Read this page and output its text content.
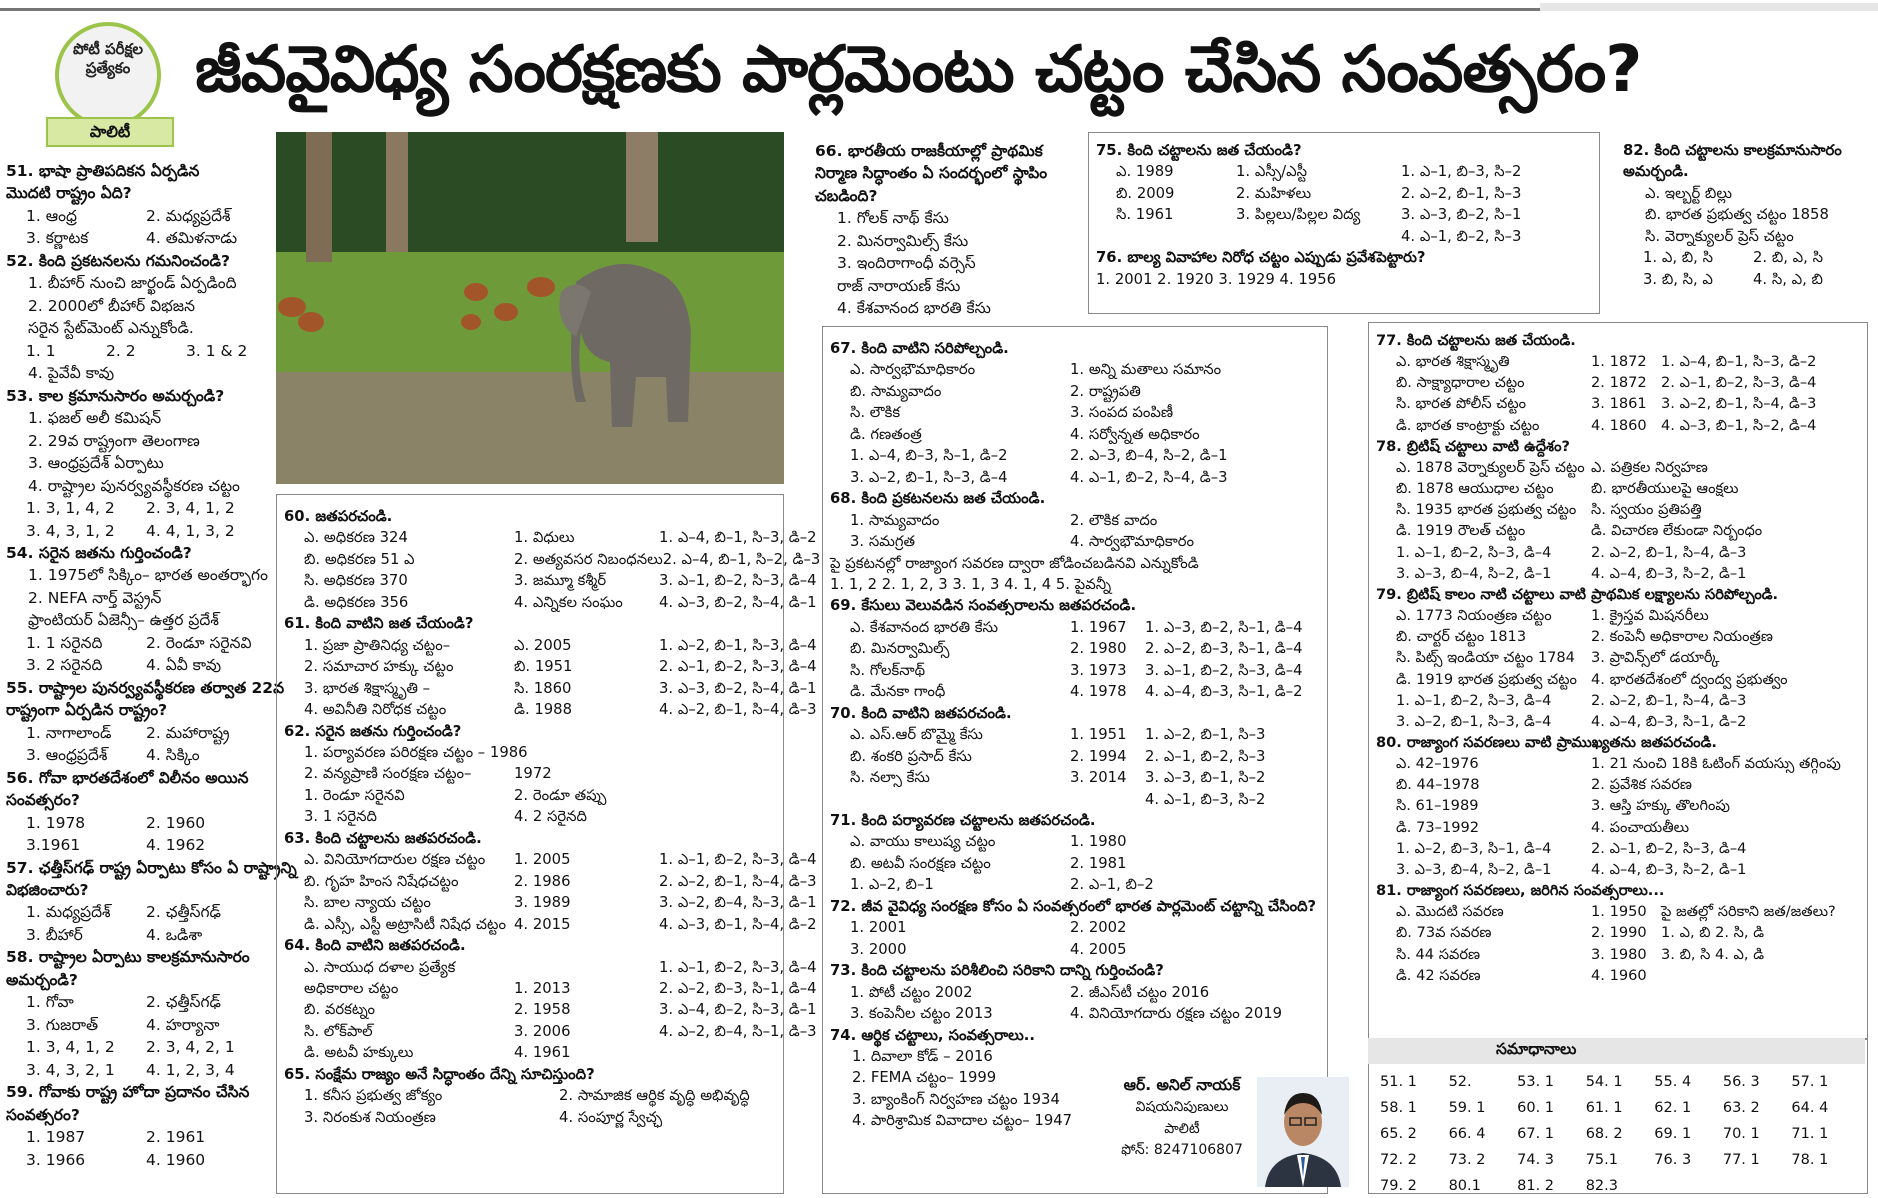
పోటీ పరీక్షల ప్రత్యేకం
పాలిటీ
జీవవైవిధ్య సంరక్షణకు పార్లమెంటు చట్టం చేసిన సంవత్సరం?
51. భాషా ప్రాతిపదికన ఏర్పడిన
మొదటి రాష్ట్రం ఏది?
1. ఆంధ్ర	2. మధ్యప్రదేశ్
3. కర్ణాటక	4. తమిళనాడు
52. కింది ప్రకటనలను గమనించండి?
1. బీహార్ నుంచి జార్ఖండ్ ఏర్పడింది
2. 2000లో బీహార్ విభజన
సరైన స్టేట్‌మెంట్ ఎన్నుకోండి.
1. 1	2. 2	3. 1 & 2
4. పైవేవీ కావు
53. కాల క్రమానుసారం అమర్చండి?
1. ఫజల్ అలీ కమిషన్
2. 29వ రాష్ట్రంగా తెలంగాణ
3. ఆంధ్రప్రదేశ్ ఏర్పాటు
4. రాష్ట్రాల పునర్వ్యవస్థీకరణ చట్టం
1. 3, 1, 4, 2	2. 3, 4, 1, 2
3. 4, 3, 1, 2	4. 4, 1, 3, 2
54. సరైన జతను గుర్తించండి?
1. 1975లో సిక్కిం– భారత అంతర్భాగం
2. NEFA నార్త్ వెస్ట్రన్
ఫ్రాంటియర్ ఏజెన్సీ– ఉత్తర ప్రదేశ్
1. 1 సరైనది	2. రెండూ సరైనవి
3. 2 సరైనది	4. ఏవీ కావు
55. రాష్ట్రాల పునర్వ్యవస్థీకరణ తర్వాత 22వ
రాష్ట్రంగా ఏర్పడిన రాష్ట్రం?
1. నాగాలాండ్	2. మహారాష్ట్ర
3. ఆంధ్రప్రదేశ్	4. సిక్కిం
56. గోవా భారతదేశంలో విలీనం అయిన
సంవత్సరం?
1. 1978	2. 1960
3.1961	4. 1962
57. ఛత్తీస్‌గఢ్ రాష్ట్ర ఏర్పాటు కోసం ఏ రాష్ట్రాన్ని
విభజించారు?
1. మధ్యప్రదేశ్	2. ఛత్తీస్‌గఢ్
3. బీహార్	4. ఒడిశా
58. రాష్ట్రాల ఏర్పాటు కాలక్రమానుసారం
అమర్చండి?
1. గోవా	2. ఛత్తీస్‌గఢ్
3. గుజరాత్	4. హర్యానా
1. 3, 4, 1, 2	2. 3, 4, 2, 1
3. 4, 3, 2, 1	4. 1, 2, 3, 4
59. గోవాకు రాష్ట్ర హోదా ప్రదానం చేసిన
సంవత్సరం?
1. 1987	2. 1961
3. 1966	4. 1960
60. జతపరచండి.
ఎ. అధికరణ 324	1. విధులు	1. ఎ–4, బి–1, సి–3, డి–2
బి. అధికరణ 51 ఎ	2. అత్యవసర నిబంధనలు 2. ఎ–4, బి–1, సి–2, డి–3
సి. అధికరణ 370	3. జమ్మూ కశ్మీర్	3. ఎ–1, బి–2, సి–3, డి–4
డి. అధికరణ 356	4. ఎన్నికల సంఘం	4. ఎ–3, బి–2, సి–4, డి–1
61. కింది వాటిని జత చేయండి?
1. ప్రజా ప్రాతినిధ్య చట్టం–	ఎ. 2005	1. ఎ–2, బి–1, సి–3, డి–4
2. సమాచార హక్కు చట్టం	బి. 1951	2. ఎ–1, బి–2, సి–3, డి–4
3. భారత శిక్షాస్మృతి –	సి. 1860	3. ఎ–3, బి–2, సి–4, డి–1
4. అవినీతి నిరోధక చట్టం	డి. 1988	4. ఎ–2, బి–1, సి–4, డి–3
62. సరైన జతను గుర్తించండి?
1. పర్యావరణ పరిరక్షణ చట్టం – 1986
2. వన్యప్రాణి సంరక్షణ చట్టం–	1972
1. రెండూ సరైనవి	2. రెండూ తప్పు
3. 1 సరైనది	4. 2 సరైనది
63. కింది చట్టాలను జతపరచండి.
ఎ. వినియోగదారుల రక్షణ చట్టం	1. 2005	1. ఎ–1, బి–2, సి–3, డి–4
బి. గృహ హింస నిషేధచట్టం	2. 1986	2. ఎ–2, బి–1, సి–4, డి–3
సి. బాల న్యాయ చట్టం	3. 1989	3. ఎ–2, బి–4, సి–3, డి–1
డి. ఎస్సీ, ఎస్టీ అట్రాసిటీ నిషేధ చట్టం 4. 2015	4. ఎ–3, బి–1, సి–4, డి–2
64. కింది వాటిని జతపరచండి.
ఎ. సాయుధ దళాల ప్రత్యేక	1. ఎ–1, బి–2, సి–3, డి–4
అధికారాల చట్టం	1. 2013	2. ఎ–2, బి–3, సి–1, డి–4
బి. వరకట్నం	2. 1958	3. ఎ–4, బి–2, సి–3, డి–1
సి. లోక్‌పాల్	3. 2006	4. ఎ–2, బి–4, సి–1, డి–3
డి. అటవీ హక్కులు	4. 1961
65. సంక్షేమ రాజ్యం అనే సిద్ధాంతం దేన్ని సూచిస్తుంది?
1. కనీస ప్రభుత్వ జోక్యం	2. సామాజిక ఆర్థిక వృద్ధి అభివృద్ధి
3. నిరంకుశ నియంత్రణ	4. సంపూర్ణ స్వేచ్ఛ
66. భారతీయ రాజకీయాల్లో ప్రాథమిక
నిర్మాణ సిద్ధాంతం ఏ సందర్భంలో స్థాపిం
చబడింది?
1. గోలక్ నాథ్ కేసు
2. మినర్వామిల్స్ కేసు
3. ఇందిరాగాంధీ వర్సెస్
రాజ్ నారాయణ్ కేసు
4. కేశవానంద భారతి కేసు
67. కింది వాటిని సరిపోల్చండి.
ఎ. సార్వభౌమాధికారం	1. అన్ని మతాలు సమానం
బి. సామ్యవాదం	2. రాష్ట్రపతి
సి. లౌకిక	3. సంపద పంపిణీ
డి. గణతంత్ర	4. సర్వోన్నత అధికారం
1. ఎ–4, బి–3, సి–1, డి–2	2. ఎ–3, బి–4, సి–2, డి–1
3. ఎ–2, బి–1, సి–3, డి–4	4. ఎ–1, బి–2, సి–4, డి–3
68. కింది ప్రకటనలను జత చేయండి.
1. సామ్యవాదం	2. లౌకిక వాదం
3. సమగ్రత	4. సార్వభౌమాధికారం
పై ప్రకటనల్లో రాజ్యాంగ సవరణ ద్వారా జోడించబడినవి ఎన్నుకోండి
1. 1, 2 2. 1, 2, 3 3. 1, 3 4. 1, 4 5. పైవన్నీ
69. కేసులు వెలువడిన సంవత్సరాలను జతపరచండి.
ఎ. కేశవానంద భారతి కేసు	1. 1967	1. ఎ–3, బి–2, సి–1, డి–4
బి. మినర్వామిల్స్	2. 1980	2. ఎ–2, బి–3, సి–1, డి–4
సి. గోలక్‌నాథ్	3. 1973	3. ఎ–1, బి–2, సి–3, డి–4
డి. మేనకా గాంధీ	4. 1978	4. ఎ–4, బి–3, సి–1, డి–2
70. కింది వాటిని జతపరచండి.
ఎ. ఎస్.ఆర్ బొమ్మై కేసు	1. 1951	1. ఎ–2, బి–1, సి–3
బి. శంకరి ప్రసాద్ కేసు	2. 1994	2. ఎ–1, బి–2, సి–3
సి. నల్సా కేసు	3. 2014	3. ఎ–3, బి–1, సి–2
4. ఎ–1, బి–3, సి–2
71. కింది పర్యావరణ చట్టాలను జతపరచండి.
ఎ. వాయు కాలుష్య చట్టం	1. 1980
బి. అటవీ సంరక్షణ చట్టం	2. 1981
1. ఎ–2, బి–1	2. ఎ–1, బి–2
72. జీవ వైవిధ్య సంరక్షణ కోసం ఏ సంవత్సరంలో భారత పార్లమెంట్ చట్టాన్ని చేసింది?
1. 2001	2. 2002
3. 2000	4. 2005
73. కింది చట్టాలను పరిశీలించి సరికాని దాన్ని గుర్తించండి?
1. పోటీ చట్టం 2002	2. జీఎస్‌టీ చట్టం 2016
3. కంపెనీల చట్టం 2013	4. వినియోగదారు రక్షణ చట్టం 2019
74. ఆర్థిక చట్టాలు, సంవత్సరాలు..
1. దివాలా కోడ్ – 2016
2. FEMA చట్టం– 1999
3. బ్యాంకింగ్ నిర్వహణ చట్టం 1934
4. పారిశ్రామిక వివాదాల చట్టం– 1947
75. కింది చట్టాలను జత చేయండి?
ఎ. 1989	1. ఎస్సీ/ఎస్టీ	1. ఎ–1, బి–3, సి–2
బి. 2009	2. మహిళలు	2. ఎ–2, బి–1, సి–3
సి. 1961	3. పిల్లలు/పిల్లల విద్య	3. ఎ–3, బి–2, సి–1
4. ఎ–1, బి–2, సి–3
76. బాల్య వివాహాల నిరోధ చట్టం ఎప్పుడు ప్రవేశపెట్టారు?
1. 2001 2. 1920 3. 1929 4. 1956
82. కింది చట్టాలను కాలక్రమానుసారం
అమర్చండి.
ఎ. ఇల్బర్ట్ బిల్లు
బి. భారత ప్రభుత్వ చట్టం 1858
సి. వెర్నాక్యులర్ ప్రెస్ చట్టం
1. ఎ, బి, సి	2. బి, ఎ, సి
3. బి, సి, ఎ	4. సి, ఎ, బి
77. కింది చట్టాలను జత చేయండి.
ఎ. భారత శిక్షాస్మృతి	1. 1872 1. ఎ–4, బి–1, సి–3, డి–2
బి. సాక్ష్యాధారాల చట్టం	2. 1872 2. ఎ–1, బి–2, సి–3, డి–4
సి. భారత పోలీస్ చట్టం	3. 1861 3. ఎ–2, బి–1, సి–4, డి–3
డి. భారత కాంట్రాక్టు చట్టం	4. 1860 4. ఎ–3, బి–1, సి–2, డి–4
78. బ్రిటిష్ చట్టాలు వాటి ఉద్దేశం?
ఎ. 1878 వెర్నాక్యులర్ ప్రెస్ చట్టం ఎ. పత్రికల నిర్వహణ
బి. 1878 ఆయుధాల చట్టం	బి. భారతీయులపై ఆంక్షలు
సి. 1935 భారత ప్రభుత్వ చట్టం	సి. స్వయం ప్రతిపత్తి
డి. 1919 రౌలత్ చట్టం	డి. విచారణ లేకుండా నిర్బంధం
1. ఎ–1, బి–2, సి–3, డి–4	2. ఎ–2, బి–1, సి–4, డి–3
3. ఎ–3, బి–4, సి–2, డి–1	4. ఎ–4, బి–3, సి–2, డి–1
79. బ్రిటిష్ కాలం నాటి చట్టాలు వాటి ప్రాథమిక లక్ష్యాలను సరిపోల్చండి.
ఎ. 1773 నియంత్రణ చట్టం	1. క్రైస్తవ మిషనరీలు
బి. చార్టర్ చట్టం 1813	2. కంపెనీ అధికారాల నియంత్రణ
సి. పిట్స్ ఇండియా చట్టం 1784	3. ప్రావిన్స్‌లో డయార్కీ
డి. 1919 భారత ప్రభుత్వ చట్టం 4. భారతదేశంలో ద్వంద్వ ప్రభుత్వం
1. ఎ–1, బి–2, సి–3, డి–4	2. ఎ–2, బి–1, సి–4, డి–3
3. ఎ–2, బి–1, సి–3, డి–4	4. ఎ–4, బి–3, సి–1, డి–2
80. రాజ్యాంగ సవరణలు వాటి ప్రాముఖ్యతను జతపరచండి.
ఎ. 42–1976	1. 21 నుంచి 18కి ఓటింగ్ వయస్సు తగ్గింపు
బి. 44–1978	2. ప్రవేశిక సవరణ
సి. 61–1989	3. ఆస్తి హక్కు తొలగింపు
డి. 73–1992	4. పంచాయతీలు
1. ఎ–2, బి–3, సి–1, డి–4	2. ఎ–1, బి–2, సి–3, డి–4
3. ఎ–3, బి–4, సి–2, డి–1	4. ఎ–4, బి–3, సి–2, డి–1
81. రాజ్యాంగ సవరణలు, జరిగిన సంవత్సరాలు...
ఎ. మొదటి సవరణ	1. 1950 పై జతల్లో సరికాని జత/జతలు?
బి. 73వ సవరణ	2. 1990 1. ఎ, బి 2. సి, డి
సి. 44 సవరణ	3. 1980 3. బి, సి 4. ఎ, డి
డి. 42 సవరణ	4. 1960
సమాధానాలు
51. 1	52.	53. 1	54. 1	55. 4	56. 3	57. 1
58. 1	59. 1	60. 1	61. 1	62. 1	63. 2	64. 4
65. 2	66. 4	67. 1	68. 2	69. 1	70. 1	71. 1
72. 2	73. 2	74. 3	75.1	76. 3	77. 1	78. 1
79. 2	80.1	81. 2	82.3
ఆర్. అనిల్ నాయక్
విషయనిపుణులు
పాలిటీ
ఫోన్: 8247106807
